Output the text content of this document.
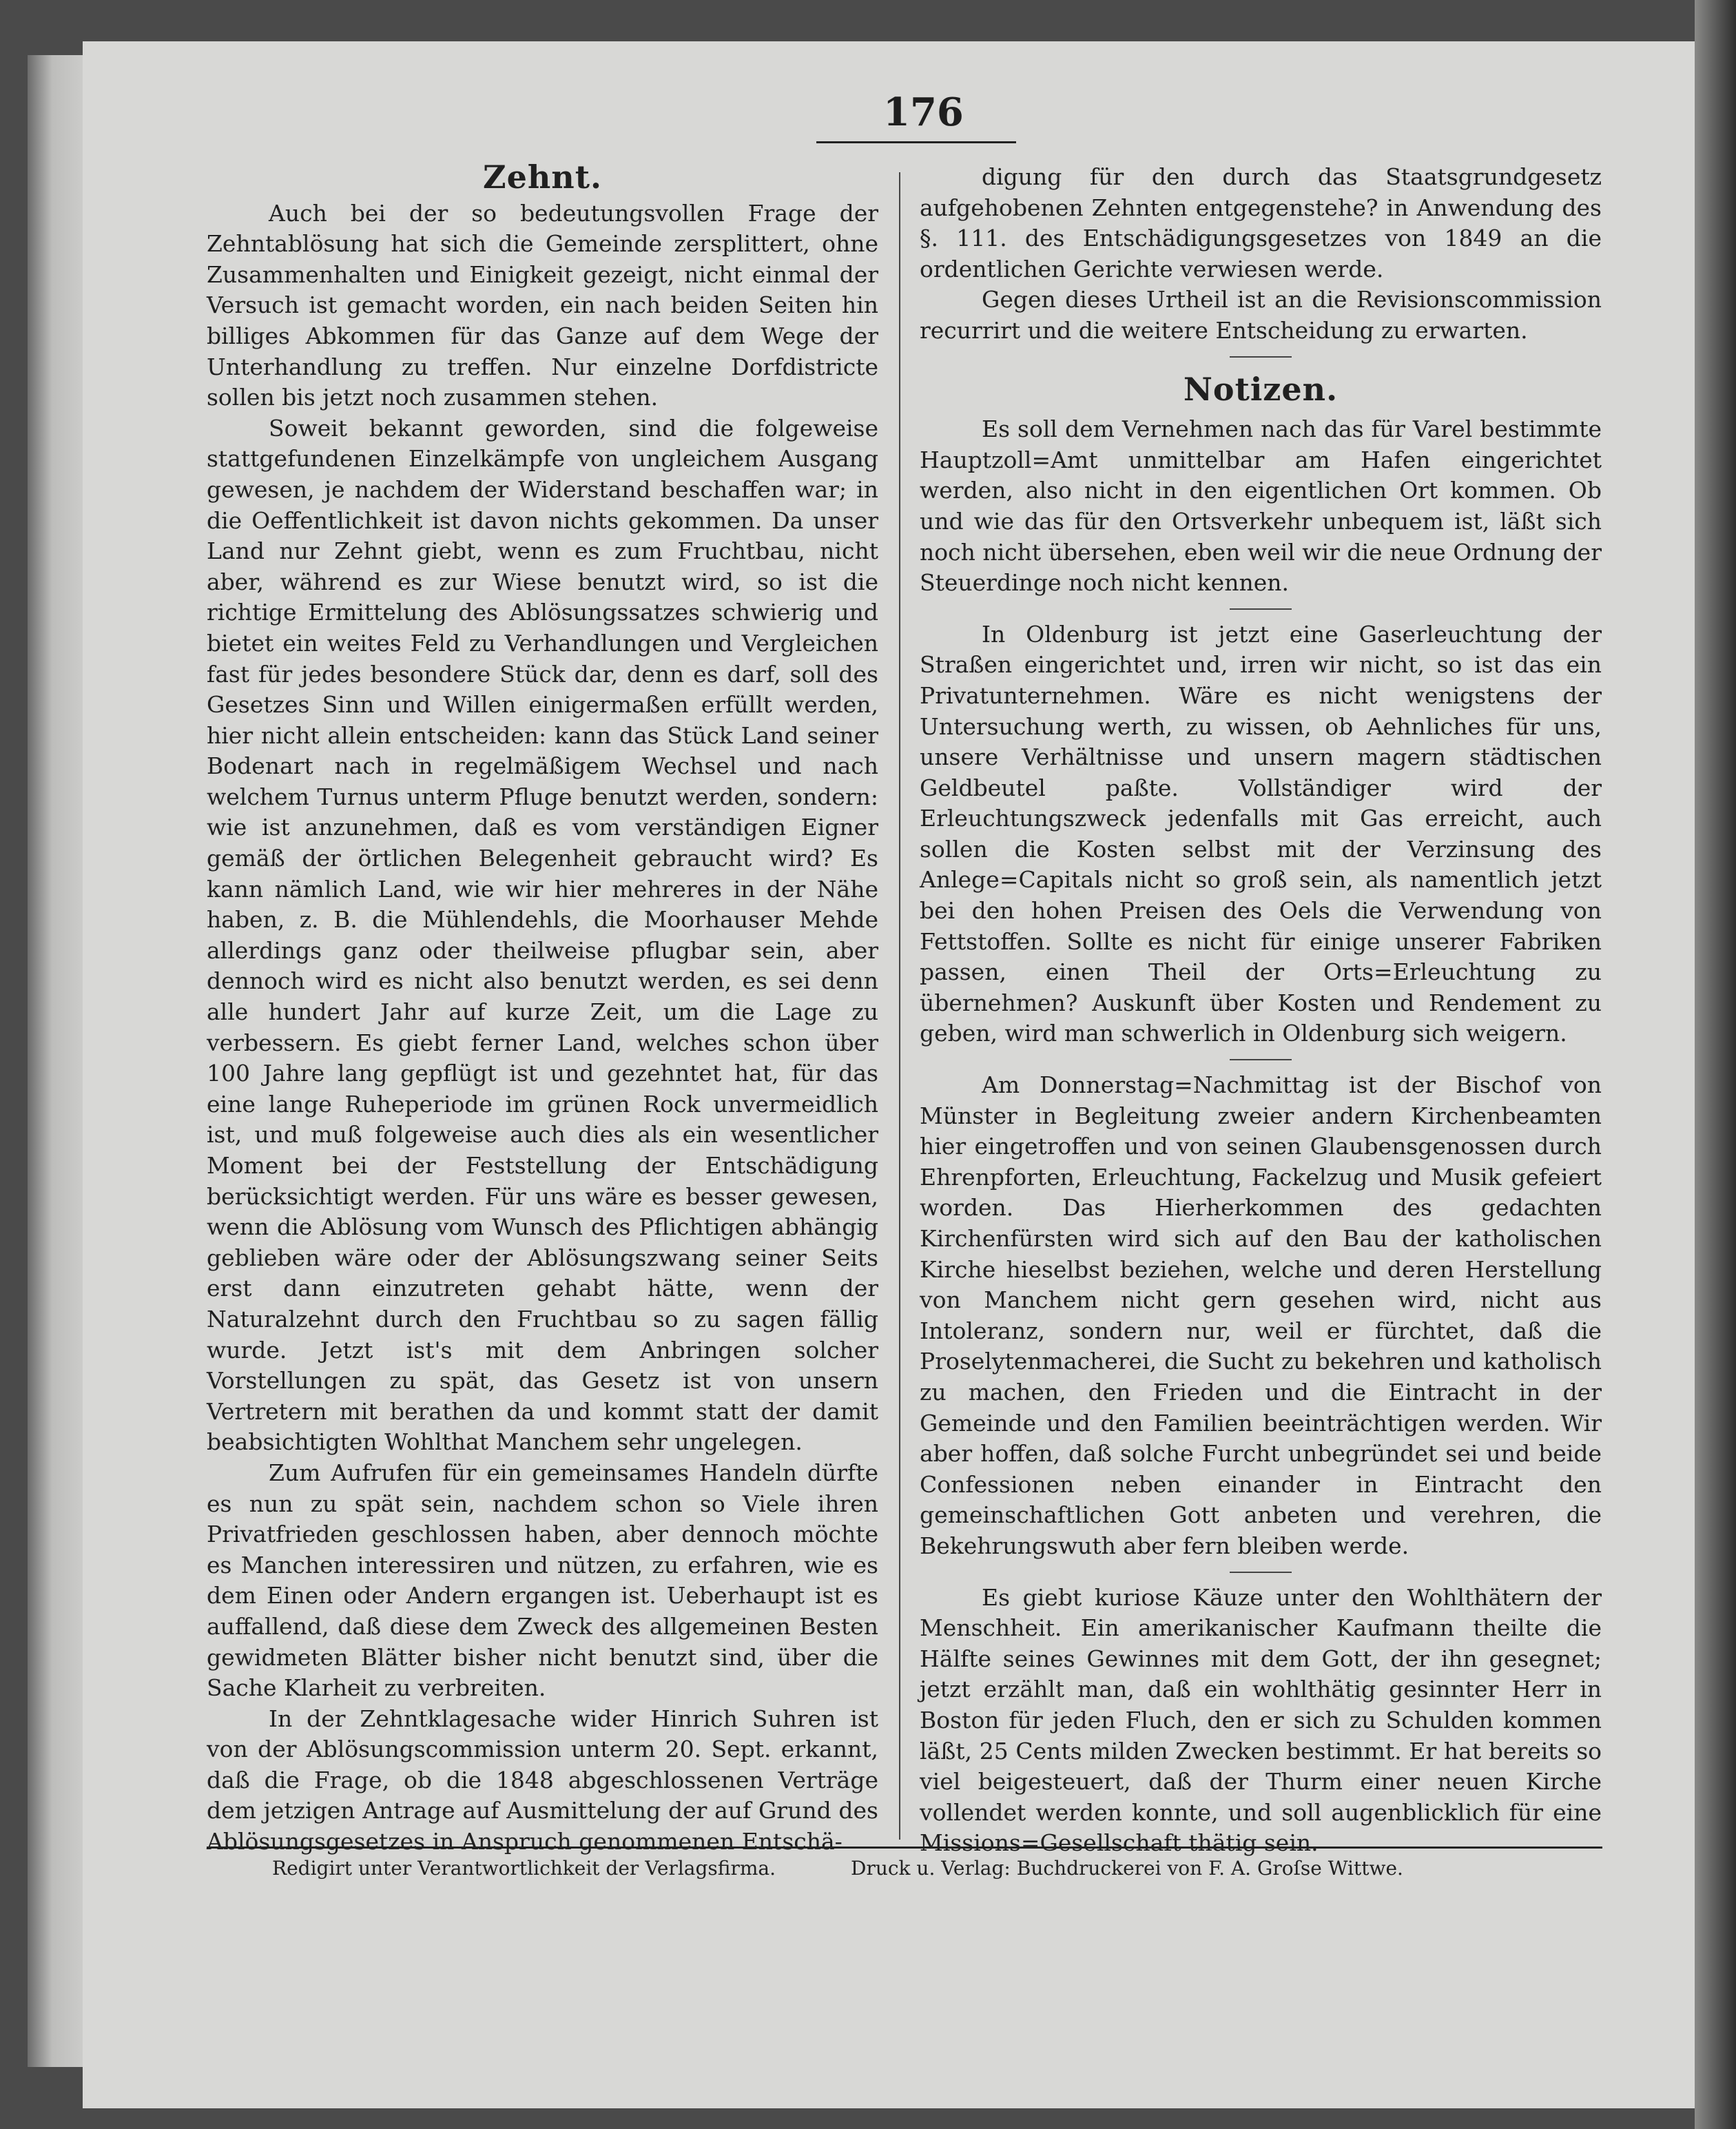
176
Zehnt.

Auch bei der so bedeutungsvollen Frage der Zehntablösung hat sich die Gemeinde zersplittert, ohne Zusammenhalten und Einigkeit gezeigt, nicht einmal der Versuch ist gemacht worden, ein nach beiden Seiten hin billiges Abkommen für das Ganze auf dem Wege der Unterhandlung zu treffen. Nur einzelne Dorfdistricte sollen bis jetzt noch zusammen stehen.

Soweit bekannt geworden, sind die folgeweise stattgefundenen Einzelkämpfe von ungleichem Ausgang gewesen, je nachdem der Widerstand beschaffen war; in die Oeffentlichkeit ist davon nichts gekommen. Da unser Land nur Zehnt giebt, wenn es zum Fruchtbau, nicht aber, während es zur Wiese benutzt wird, so ist die richtige Ermittelung des Ablösungssatzes schwierig und bietet ein weites Feld zu Verhandlungen und Vergleichen fast für jedes besondere Stück dar, denn es darf, soll des Gesetzes Sinn und Willen einigermaßen erfüllt werden, hier nicht allein entscheiden: kann das Stück Land seiner Bodenart nach in regelmäßigem Wechsel und nach welchem Turnus unterm Pfluge benutzt werden, sondern: wie ist anzunehmen, daß es vom verständigen Eigner gemäß der örtlichen Belegenheit gebraucht wird? Es kann nämlich Land, wie wir hier mehreres in der Nähe haben, z. B. die Mühlendehls, die Moorhauser Mehde allerdings ganz oder theilweise pflugbar sein, aber dennoch wird es nicht also benutzt werden, es sei denn alle hundert Jahr auf kurze Zeit, um die Lage zu verbessern. Es giebt ferner Land, welches schon über 100 Jahre lang gepflügt ist und gezehntet hat, für das eine lange Ruheperiode im grünen Rock unvermeidlich ist, und muß folgeweise auch dies als ein wesentlicher Moment bei der Feststellung der Entschädigung berücksichtigt werden. Für uns wäre es besser gewesen, wenn die Ablösung vom Wunsch des Pflichtigen abhängig geblieben wäre oder der Ablösungszwang seiner Seits erst dann einzutreten gehabt hätte, wenn der Naturalzehnt durch den Fruchtbau so zu sagen fällig wurde. Jetzt ist's mit dem Anbringen solcher Vorstellungen zu spät, das Gesetz ist von unsern Vertretern mit berathen da und kommt statt der damit beabsichtigten Wohlthat Manchem sehr ungelegen.

Zum Aufrufen für ein gemeinsames Handeln dürfte es nun zu spät sein, nachdem schon so Viele ihren Privatfrieden geschlossen haben, aber dennoch möchte es Manchen interessiren und nützen, zu erfahren, wie es dem Einen oder Andern ergangen ist. Ueberhaupt ist es auffallend, daß diese dem Zweck des allgemeinen Besten gewidmeten Blätter bisher nicht benutzt sind, über die Sache Klarheit zu verbreiten.

In der Zehntklagesache wider Hinrich Suhren ist von der Ablösungscommission unterm 20. Sept. erkannt, daß die Frage, ob die 1848 abgeschlossenen Verträge dem jetzigen Antrage auf Ausmittelung der auf Grund des Ablösungsgesetzes in Anspruch genommenen Entschä-

digung für den durch das Staatsgrundgesetz aufgehobenen Zehnten entgegenstehe? in Anwendung des §. 111. des Entschädigungsgesetzes von 1849 an die ordentlichen Gerichte verwiesen werde.

Gegen dieses Urtheil ist an die Revisionscommission recurrirt und die weitere Entscheidung zu erwarten.

Notizen.

Es soll dem Vernehmen nach das für Varel bestimmte Hauptzoll=Amt unmittelbar am Hafen eingerichtet werden, also nicht in den eigentlichen Ort kommen. Ob und wie das für den Ortsverkehr unbequem ist, läßt sich noch nicht übersehen, eben weil wir die neue Ordnung der Steuerdinge noch nicht kennen.

In Oldenburg ist jetzt eine Gaserleuchtung der Straßen eingerichtet und, irren wir nicht, so ist das ein Privatunternehmen. Wäre es nicht wenigstens der Untersuchung werth, zu wissen, ob Aehnliches für uns, unsere Verhältnisse und unsern magern städtischen Geldbeutel paßte. Vollständiger wird der Erleuchtungszweck jedenfalls mit Gas erreicht, auch sollen die Kosten selbst mit der Verzinsung des Anlege=Capitals nicht so groß sein, als namentlich jetzt bei den hohen Preisen des Oels die Verwendung von Fettstoffen. Sollte es nicht für einige unserer Fabriken passen, einen Theil der Orts=Erleuchtung zu übernehmen? Auskunft über Kosten und Rendement zu geben, wird man schwerlich in Oldenburg sich weigern.

Am Donnerstag=Nachmittag ist der Bischof von Münster in Begleitung zweier andern Kirchenbeamten hier eingetroffen und von seinen Glaubensgenossen durch Ehrenpforten, Erleuchtung, Fackelzug und Musik gefeiert worden. Das Hierherkommen des gedachten Kirchenfürsten wird sich auf den Bau der katholischen Kirche hieselbst beziehen, welche und deren Herstellung von Manchem nicht gern gesehen wird, nicht aus Intoleranz, sondern nur, weil er fürchtet, daß die Proselytenmacherei, die Sucht zu bekehren und katholisch zu machen, den Frieden und die Eintracht in der Gemeinde und den Familien beeinträchtigen werden. Wir aber hoffen, daß solche Furcht unbegründet sei und beide Confessionen neben einander in Eintracht den gemeinschaftlichen Gott anbeten und verehren, die Bekehrungswuth aber fern bleiben werde.

Es giebt kuriose Käuze unter den Wohlthätern der Menschheit. Ein amerikanischer Kaufmann theilte die Hälfte seines Gewinnes mit dem Gott, der ihn gesegnet; jetzt erzählt man, daß ein wohlthätig gesinnter Herr in Boston für jeden Fluch, den er sich zu Schulden kommen läßt, 25 Cents milden Zwecken bestimmt. Er hat bereits so viel beigesteuert, daß der Thurm einer neuen Kirche vollendet werden konnte, und soll augenblicklich für eine Missions=Gesellschaft thätig sein.

Redigirt unter Verantwortlichkeit der Verlagsfirma.	Druck u. Verlag: Buchdruckerei von F. A. Groſse Wittwe.
